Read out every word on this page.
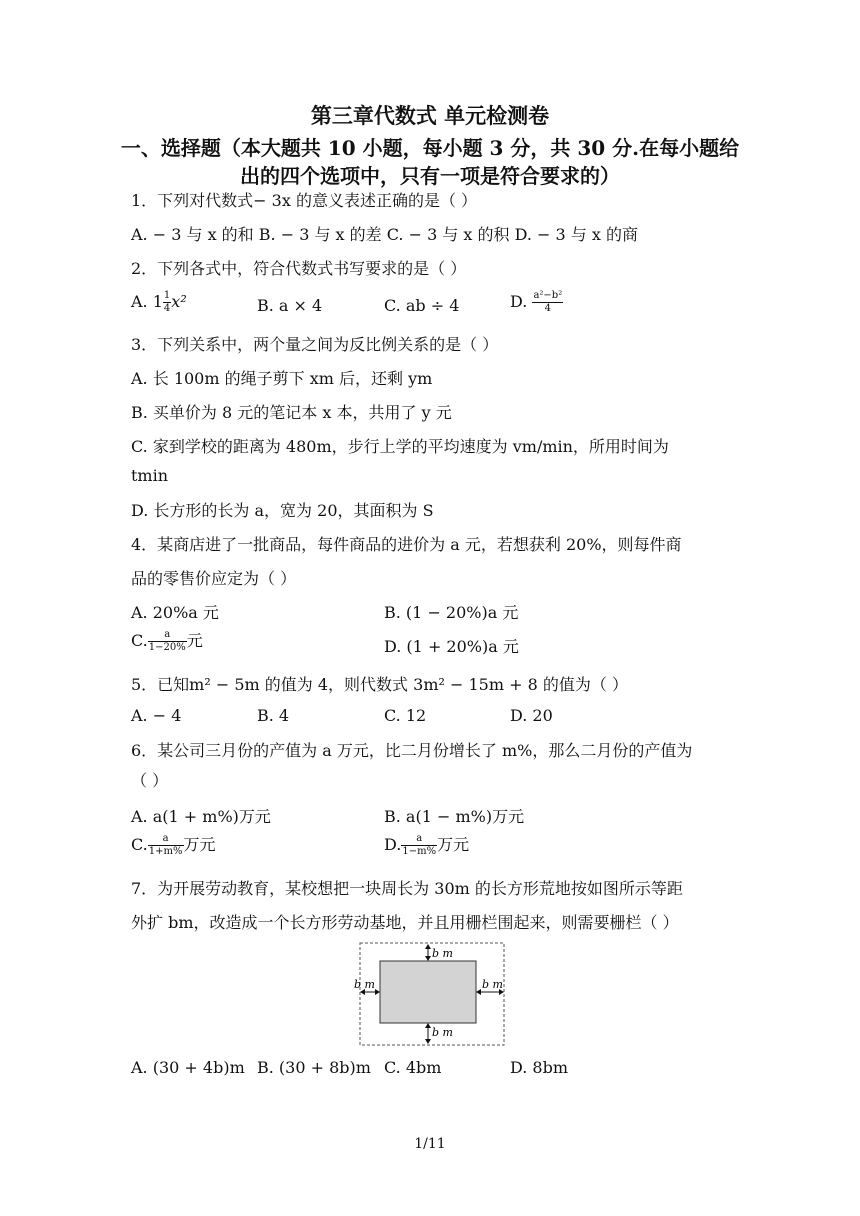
第三章代数式 单元检测卷
一、选择题（本大题共 10 小题，每小题 3 分，共 30 分.在每小题给出的四个选项中，只有一项是符合要求的）
1．下列对代数式− 3x 的意义表述正确的是（ ）
A. − 3 与 x 的和 B. − 3 与 x 的差 C. − 3 与 x 的积 D. − 3 与 x 的商
2．下列各式中，符合代数式书写要求的是（ ）
A. $1 \frac{1}{4} x^2$	B. a × 4	C. ab ÷ 4	D. $\frac{\text{a²−b²}}{4}$
3．下列关系中，两个量之间为反比例关系的是（ ）
A. 长 100m 的绳子剪下 xm 后，还剩 ym
B. 买单价为 8 元的笔记本 x 本，共用了 y 元
C. 家到学校的距离为 480m，步行上学的平均速度为 vm/min，所用时间为
tmin
D. 长方形的长为 a，宽为 20，其面积为 S
4．某商店进了一批商品，每件商品的进价为 a 元，若想获利 20%，则每件商
品的零售价应定为（ ）
A. 20%a 元	B. (1 − 20%)a 元
C. $\frac{a}{1-20\%}$ 元	D. (1 + 20%)a 元
5．已知m² − 5m 的值为 4，则代数式 3m² − 15m + 8 的值为（ ）
A. − 4	B. 4	C. 12	D. 20
6．某公司三月份的产值为 a 万元，比二月份增长了 m%，那么二月份的产值为
（ ）
A. a(1 + m%)万元	B. a(1 − m%)万元
C. $\frac{a}{1+m\%}$ 万元	D. $\frac{a}{1-m\%}$ 万元
7．为开展劳动教育，某校想把一块周长为 30m 的长方形荒地按如图所示等距
外扩 bm，改造成一个长方形劳动基地，并且用栅栏围起来，则需要栅栏（ ）
b m
b m
b m	b m
A. (30 + 4b)m B. (30 + 8b)m C. 4bm	D. 8bm
1/11
